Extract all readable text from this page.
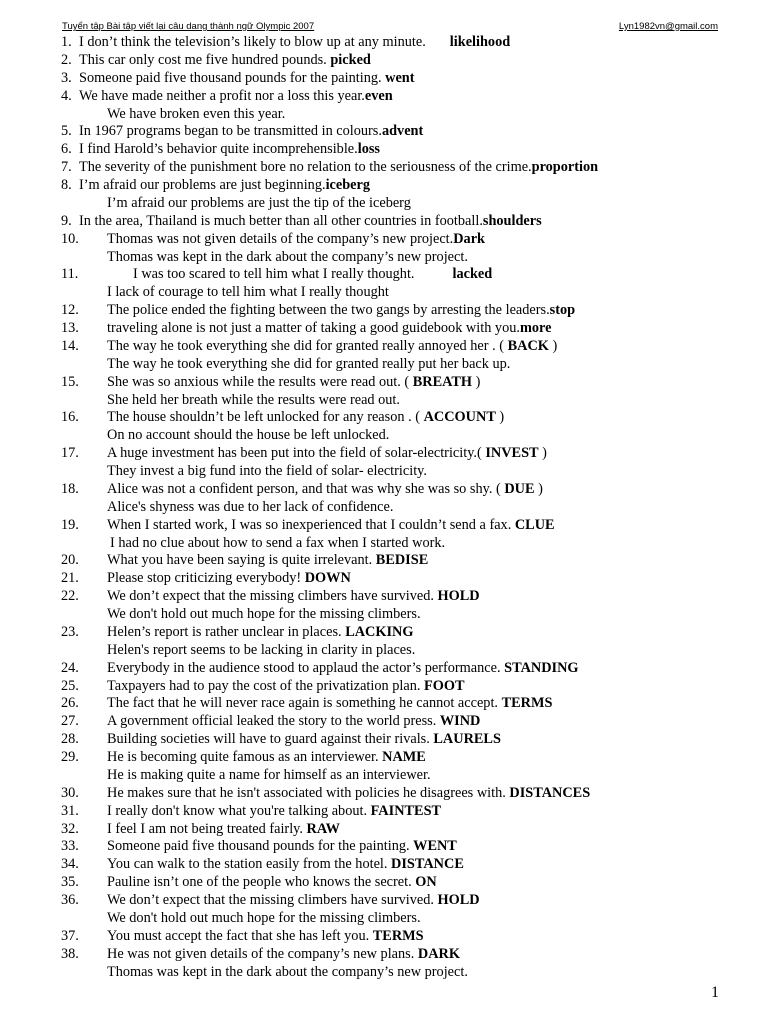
Tuyển tập Bài tập viết lại câu dang thành ngữ Olympic 2007	Lyn1982vn@gmail.com
1. I don’t think the television’s likely to blow up at any minute. likelihood
2. This car only cost me five hundred pounds. picked
3. Someone paid five thousand pounds for the painting. went
4. We have made neither a profit nor a loss this year.even
We have broken even this year.
5. In 1967 programs began to be transmitted in colours.advent
6. I find Harold’s behavior quite incomprehensible.loss
7. The severity of the punishment bore no relation to the seriousness of the crime.proportion
8. I’m afraid our problems are just beginning.iceberg
I’m afraid our problems are just the tip of the iceberg
9. In the area, Thailand is much better than all other countries in football.shoulders
10. Thomas was not given details of the company’s new project.Dark
Thomas was kept in the dark about the company’s new project.
11.	I was too scared to tell him what I really thought.	lacked
I lack of courage to tell him what I really thought
12. The police ended the fighting between the two gangs by arresting the leaders.stop
13. traveling alone is not just a matter of taking a good guidebook with you.more
14. The way he took everything she did for granted really annoyed her . ( BACK )
The way he took everything she did for granted really put her back up.
15. She was so anxious while the results were read out. ( BREATH )
She held her breath while the results were read out.
16. The house shouldn’t be left unlocked for any reason . ( ACCOUNT )
On no account should the house be left unlocked.
17. A huge investment has been put into the field of solar-electricity.( INVEST )
They invest a big fund into the field of solar- electricity.
18. Alice was not a confident person, and that was why she was so shy. ( DUE )
Alice's shyness was due to her lack of confidence.
19. When I started work, I was so inexperienced that I couldn’t send a fax. CLUE
I had no clue about how to send a fax when I started work.
20. What you have been saying is quite irrelevant. BEDISE
21. Please stop criticizing everybody! DOWN
22. We don’t expect that the missing climbers have survived. HOLD
We don't hold out much hope for the missing climbers.
23. Helen’s report is rather unclear in places. LACKING
Helen's report seems to be lacking in clarity in places.
24. Everybody in the audience stood to applaud the actor’s performance. STANDING
25. Taxpayers had to pay the cost of the privatization plan. FOOT
26. The fact that he will never race again is something he cannot accept. TERMS
27. A government official leaked the story to the world press. WIND
28. Building societies will have to guard against their rivals. LAURELS
29. He is becoming quite famous as an interviewer. NAME
He is making quite a name for himself as an interviewer.
30. He makes sure that he isn't associated with policies he disagrees with. DISTANCES
31. I really don't know what you're talking about. FAINTEST
32. I feel I am not being treated fairly. RAW
33. Someone paid five thousand pounds for the painting. WENT
34. You can walk to the station easily from the hotel. DISTANCE
35. Pauline isn’t one of the people who knows the secret. ON
36. We don’t expect that the missing climbers have survived. HOLD
We don't hold out much hope for the missing climbers.
37. You must accept the fact that she has left you. TERMS
38. He was not given details of the company’s new plans. DARK
Thomas was kept in the dark about the company’s new project.
1
